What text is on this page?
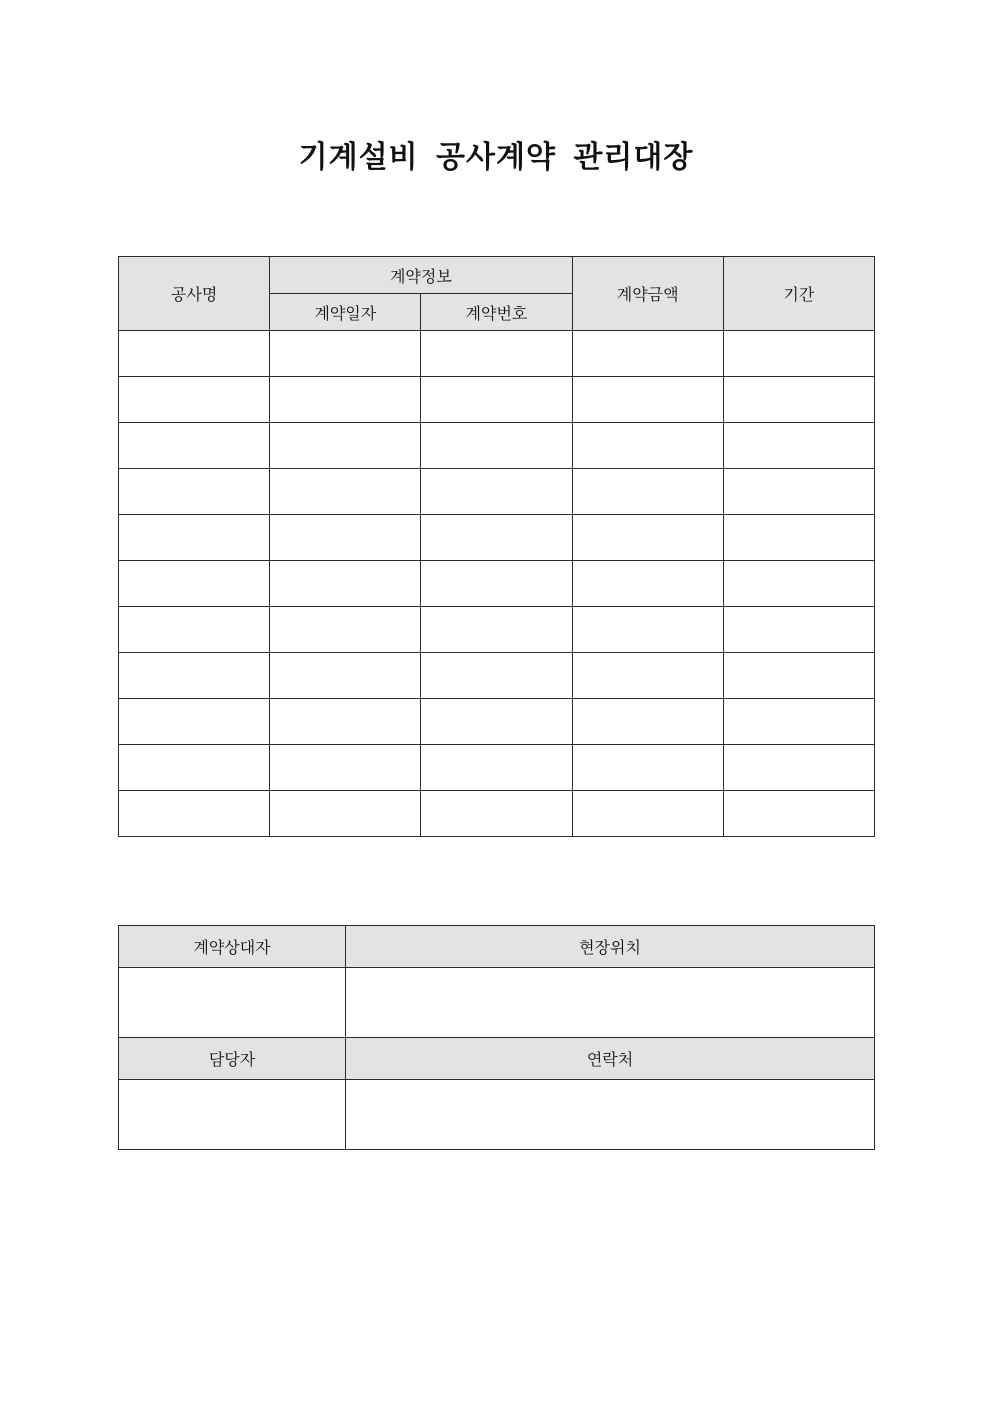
기계설비 공사계약 관리대장
공사명	계약정보		계약금액	기간
	계약일자	계약번호		

계약상대자	현장위치

담당자	연락처
